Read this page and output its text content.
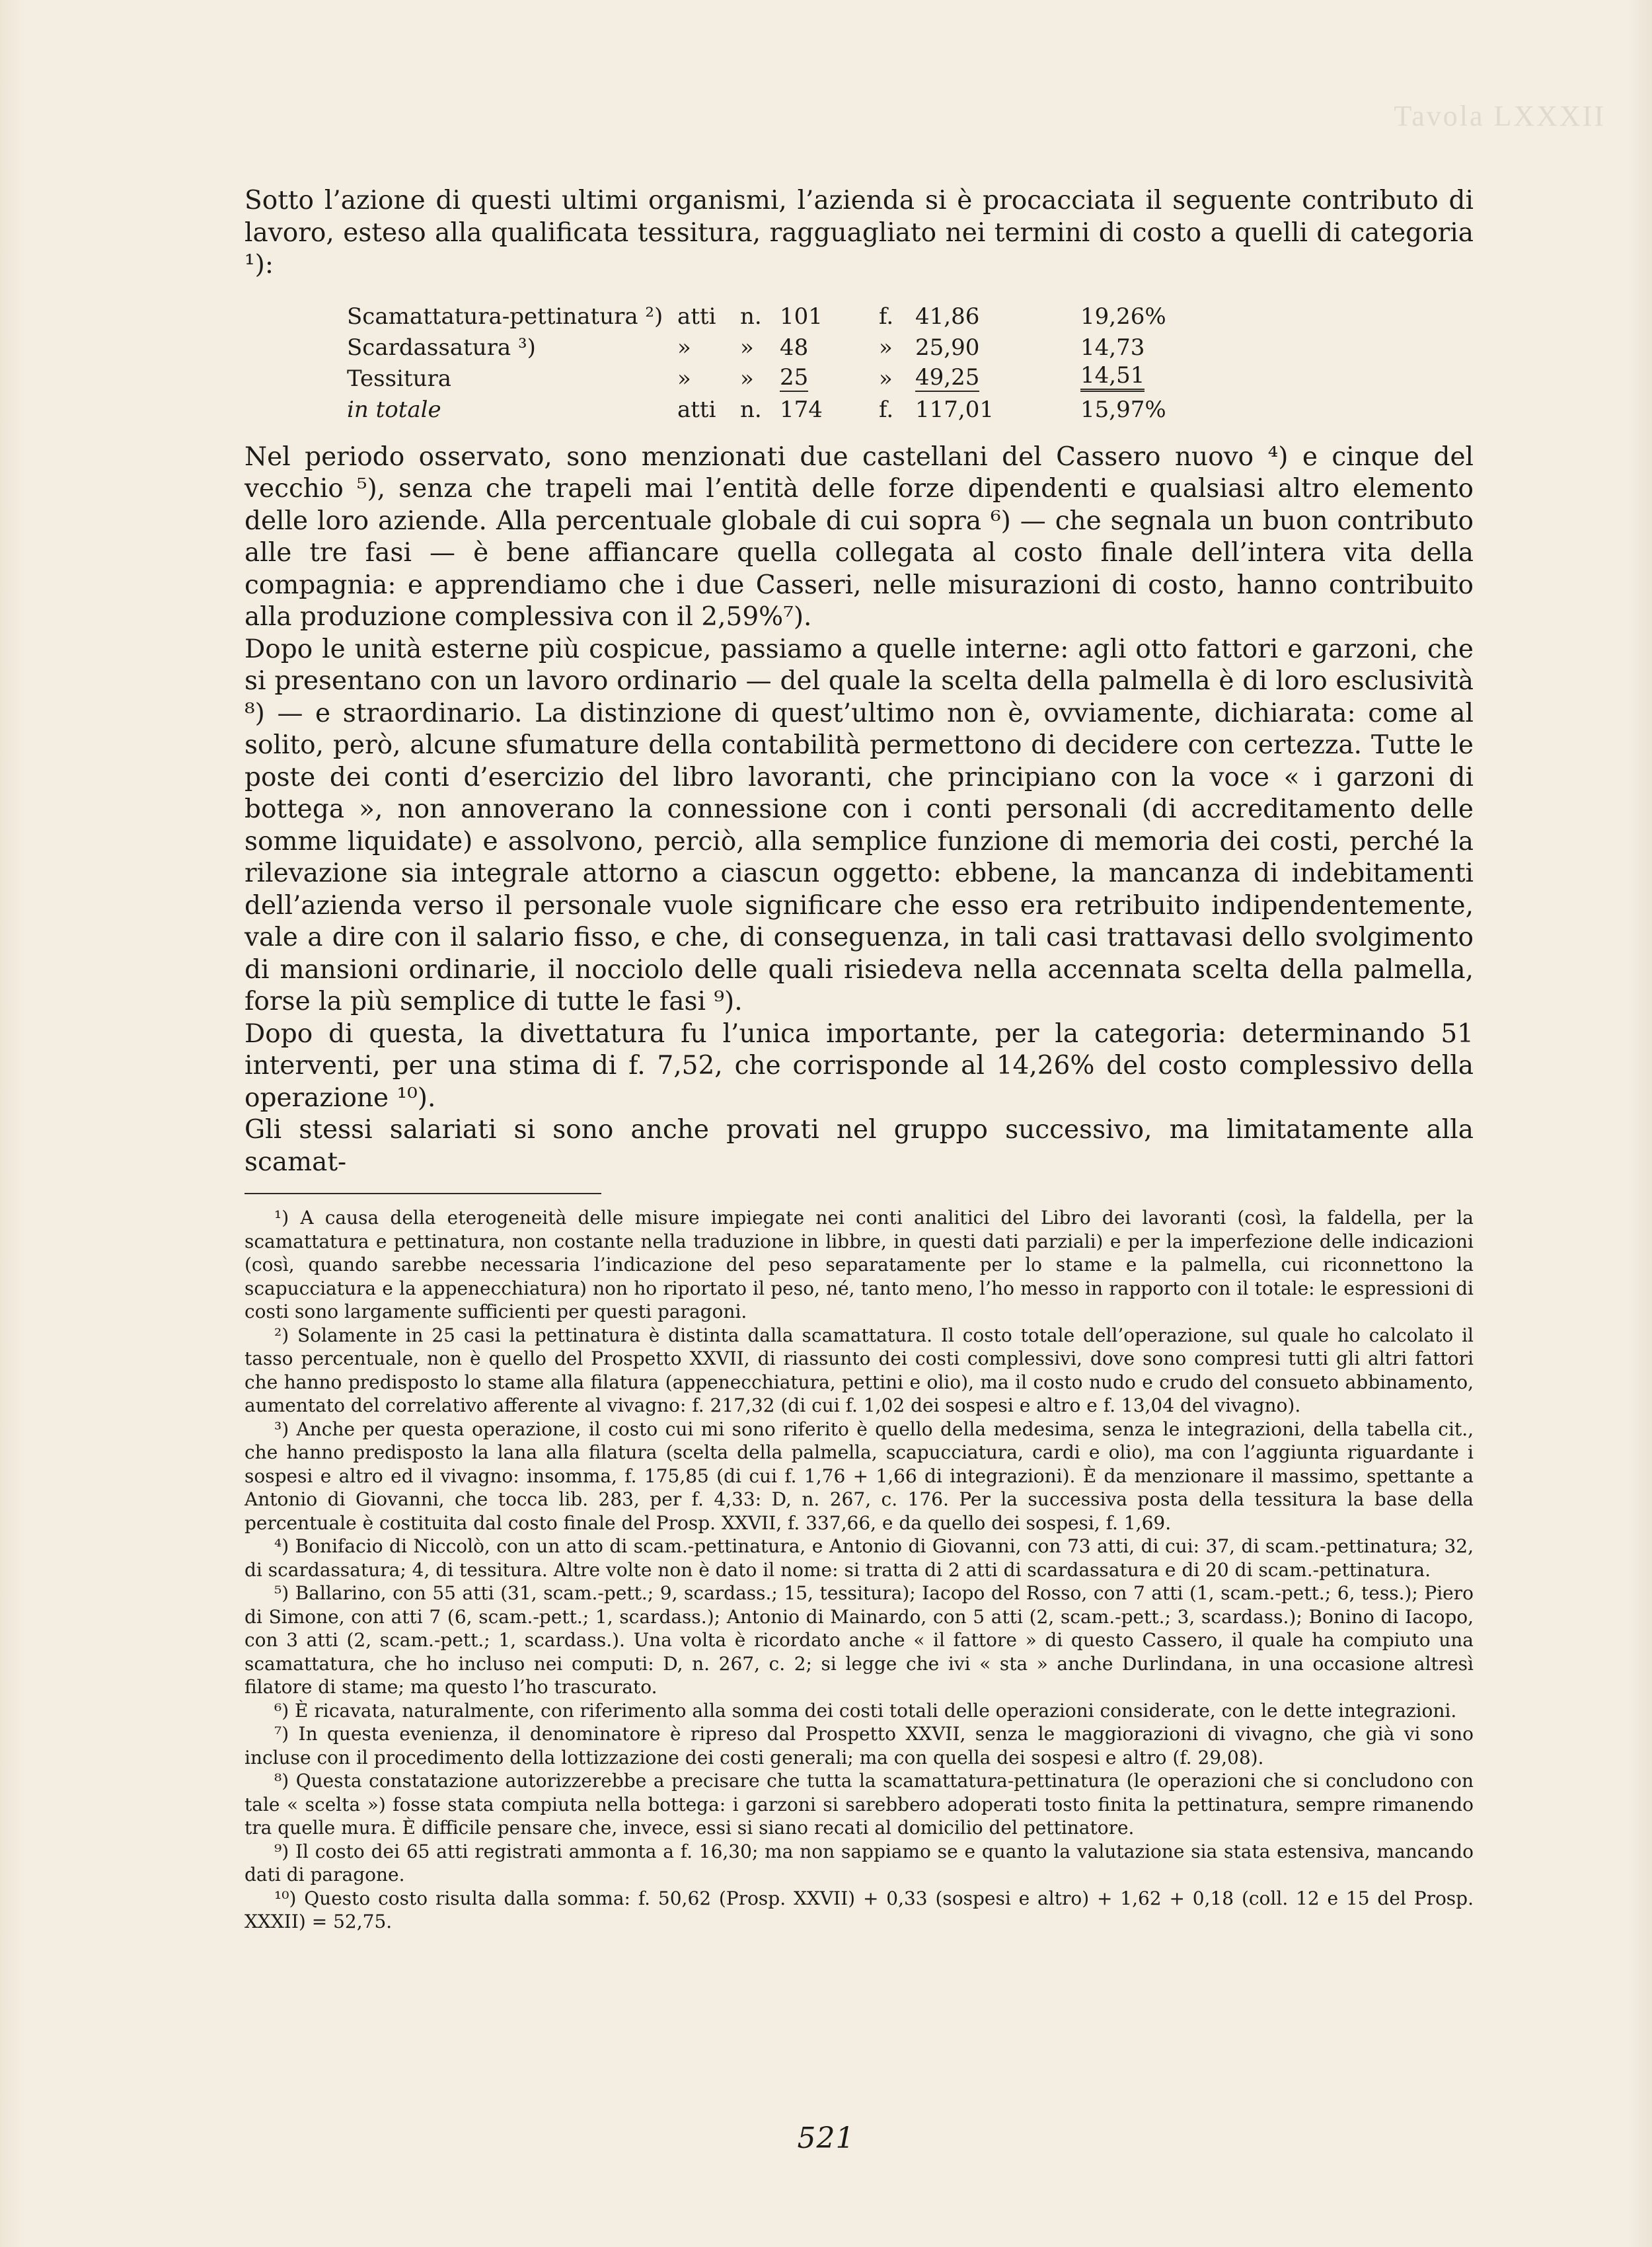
Tavola LXXXII

Sotto l’azione di questi ultimi organismi, l’azienda si è procacciata il seguente contributo di lavoro, esteso alla qualificata tessitura, ragguagliato nei termini di costo a quelli di categoria ¹):

Scamattatura-pettinatura ²) atti	n. 101	f. 41,86	19,26%
Scardassatura ³)	»	»	48	»	25,90	14,73
Tessitura	»	»	25	»	49,25	14,51
in totale	atti	n. 174	f. 117,01	15,97%

Nel periodo osservato, sono menzionati due castellani del Cassero nuovo ⁴) e cinque del vecchio ⁵), senza che trapeli mai l’entità delle forze dipendenti e qualsiasi altro elemento delle loro aziende. Alla percentuale globale di cui sopra ⁶) — che segnala un buon contributo alle tre fasi — è bene affiancare quella collegata al costo finale dell’intera vita della compagnia: e apprendiamo che i due Casseri, nelle misurazioni di costo, hanno contribuito alla produzione complessiva con il 2,59%⁷).

Dopo le unità esterne più cospicue, passiamo a quelle interne: agli otto fattori e garzoni, che si presentano con un lavoro ordinario — del quale la scelta della palmella è di loro esclusività ⁸) — e straordinario. La distinzione di quest’ultimo non è, ovviamente, dichiarata: come al solito, però, alcune sfumature della contabilità permettono di decidere con certezza. Tutte le poste dei conti d’esercizio del libro lavoranti, che principiano con la voce « i garzoni di bottega », non annoverano la connessione con i conti personali (di accreditamento delle somme liquidate) e assolvono, perciò, alla semplice funzione di memoria dei costi, perché la rilevazione sia integrale attorno a ciascun oggetto: ebbene, la mancanza di indebitamenti dell’azienda verso il personale vuole significare che esso era retribuito indipendentemente, vale a dire con il salario fisso, e che, di conseguenza, in tali casi trattavasi dello svolgimento di mansioni ordinarie, il nocciolo delle quali risiedeva nella accennata scelta della palmella, forse la più semplice di tutte le fasi ⁹).

Dopo di questa, la divettatura fu l’unica importante, per la categoria: determinando 51 interventi, per una stima di f. 7,52, che corrisponde al 14,26% del costo complessivo della operazione ¹⁰).

Gli stessi salariati si sono anche provati nel gruppo successivo, ma limitatamente alla scamat-

¹) A causa della eterogeneità delle misure impiegate nei conti analitici del Libro dei lavoranti (così, la faldella, per la scamattatura e pettinatura, non costante nella traduzione in libbre, in questi dati parziali) e per la imperfezione delle indicazioni (così, quando sarebbe necessaria l’indicazione del peso separatamente per lo stame e la palmella, cui riconnettono la scapucciatura e la appenecchiatura) non ho riportato il peso, né, tanto meno, l’ho messo in rapporto con il totale: le espressioni di costi sono largamente sufficienti per questi paragoni.

²) Solamente in 25 casi la pettinatura è distinta dalla scamattatura. Il costo totale dell’operazione, sul quale ho calcolato il tasso percentuale, non è quello del Prospetto XXVII, di riassunto dei costi complessivi, dove sono compresi tutti gli altri fattori che hanno predisposto lo stame alla filatura (appenecchiatura, pettini e olio), ma il costo nudo e crudo del consueto abbinamento, aumentato del correlativo afferente al vivagno: f. 217,32 (di cui f. 1,02 dei sospesi e altro e f. 13,04 del vivagno).

³) Anche per questa operazione, il costo cui mi sono riferito è quello della medesima, senza le integrazioni, della tabella cit., che hanno predisposto la lana alla filatura (scelta della palmella, scapucciatura, cardi e olio), ma con l’aggiunta riguardante i sospesi e altro ed il vivagno: insomma, f. 175,85 (di cui f. 1,76 + 1,66 di integrazioni). È da menzionare il massimo, spettante a Antonio di Giovanni, che tocca lib. 283, per f. 4,33: D, n. 267, c. 176. Per la successiva posta della tessitura la base della percentuale è costituita dal costo finale del Prosp. XXVII, f. 337,66, e da quello dei sospesi, f. 1,69.

⁴) Bonifacio di Niccolò, con un atto di scam.-pettinatura, e Antonio di Giovanni, con 73 atti, di cui: 37, di scam.-pettinatura; 32, di scardassatura; 4, di tessitura. Altre volte non è dato il nome: si tratta di 2 atti di scardassatura e di 20 di scam.-pettinatura.

⁵) Ballarino, con 55 atti (31, scam.-pett.; 9, scardass.; 15, tessitura); Iacopo del Rosso, con 7 atti (1, scam.-pett.; 6, tess.); Piero di Simone, con atti 7 (6, scam.-pett.; 1, scardass.); Antonio di Mainardo, con 5 atti (2, scam.-pett.; 3, scardass.); Bonino di Iacopo, con 3 atti (2, scam.-pett.; 1, scardass.). Una volta è ricordato anche « il fattore » di questo Cassero, il quale ha compiuto una scamattatura, che ho incluso nei computi: D, n. 267, c. 2; si legge che ivi « sta » anche Durlindana, in una occasione altresì filatore di stame; ma questo l’ho trascurato.

⁶) È ricavata, naturalmente, con riferimento alla somma dei costi totali delle operazioni considerate, con le dette integrazioni.

⁷) In questa evenienza, il denominatore è ripreso dal Prospetto XXVII, senza le maggiorazioni di vivagno, che già vi sono incluse con il procedimento della lottizzazione dei costi generali; ma con quella dei sospesi e altro (f. 29,08).

⁸) Questa constatazione autorizzerebbe a precisare che tutta la scamattatura-pettinatura (le operazioni che si concludono con tale « scelta ») fosse stata compiuta nella bottega: i garzoni si sarebbero adoperati tosto finita la pettinatura, sempre rimanendo tra quelle mura. È difficile pensare che, invece, essi si siano recati al domicilio del pettinatore.

⁹) Il costo dei 65 atti registrati ammonta a f. 16,30; ma non sappiamo se e quanto la valutazione sia stata estensiva, mancando dati di paragone.

¹⁰) Questo costo risulta dalla somma: f. 50,62 (Prosp. XXVII) + 0,33 (sospesi e altro) + 1,62 + 0,18 (coll. 12 e 15 del Prosp. XXXII) = 52,75.

521
